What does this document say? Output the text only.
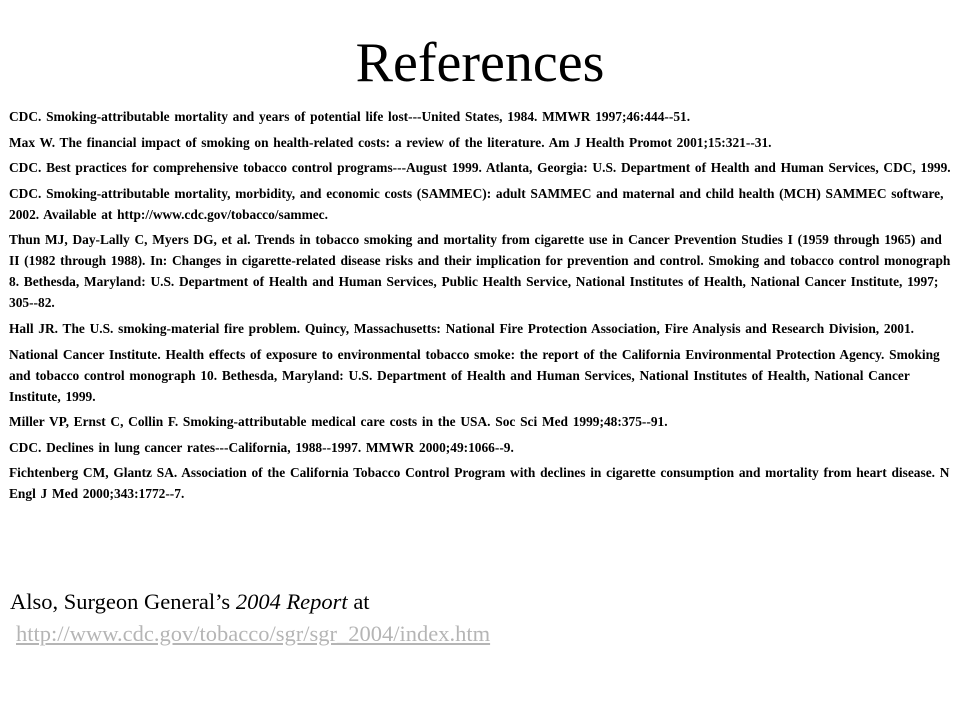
References
CDC. Smoking-attributable mortality and years of potential life lost---United States, 1984. MMWR 1997;46:444--51.
Max W. The financial impact of smoking on health-related costs: a review of the literature. Am J Health Promot 2001;15:321--31.
CDC. Best practices for comprehensive tobacco control programs---August 1999. Atlanta, Georgia: U.S. Department of Health and Human Services, CDC, 1999.
CDC. Smoking-attributable mortality, morbidity, and economic costs (SAMMEC): adult SAMMEC and maternal and child health (MCH) SAMMEC software, 2002. Available at http://www.cdc.gov/tobacco/sammec.
Thun MJ, Day-Lally C, Myers DG, et al. Trends in tobacco smoking and mortality from cigarette use in Cancer Prevention Studies I (1959 through 1965) and II (1982 through 1988). In: Changes in cigarette-related disease risks and their implication for prevention and control. Smoking and tobacco control monograph 8. Bethesda, Maryland: U.S. Department of Health and Human Services, Public Health Service, National Institutes of Health, National Cancer Institute, 1997; 305--82.
Hall JR. The U.S. smoking-material fire problem. Quincy, Massachusetts: National Fire Protection Association, Fire Analysis and Research Division, 2001.
National Cancer Institute. Health effects of exposure to environmental tobacco smoke: the report of the California Environmental Protection Agency. Smoking and tobacco control monograph 10. Bethesda, Maryland: U.S. Department of Health and Human Services, National Institutes of Health, National Cancer Institute, 1999.
Miller VP, Ernst C, Collin F. Smoking-attributable medical care costs in the USA. Soc Sci Med 1999;48:375--91.
CDC. Declines in lung cancer rates---California, 1988--1997. MMWR 2000;49:1066--9.
Fichtenberg CM, Glantz SA. Association of the California Tobacco Control Program with declines in cigarette consumption and mortality from heart disease. N Engl J Med 2000;343:1772--7.

Also, Surgeon General’s 2004 Report at

http://www.cdc.gov/tobacco/sgr/sgr_2004/index.htm
